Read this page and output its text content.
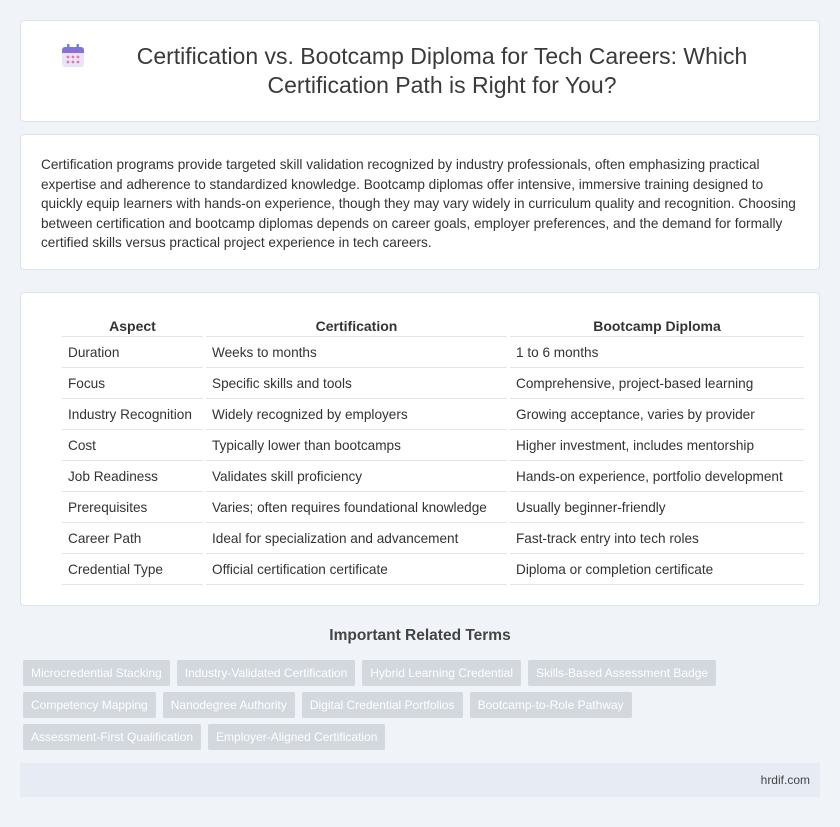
Certification vs. Bootcamp Diploma for Tech Careers: Which Certification Path is Right for You?

Certification programs provide targeted skill validation recognized by industry professionals, often emphasizing practical expertise and adherence to standardized knowledge. Bootcamp diplomas offer intensive, immersive training designed to quickly equip learners with hands-on experience, though they may vary widely in curriculum quality and recognition. Choosing between certification and bootcamp diplomas depends on career goals, employer preferences, and the demand for formally certified skills versus practical project experience in tech careers.

Aspect	Certification	Bootcamp Diploma
Duration	Weeks to months	1 to 6 months
Focus	Specific skills and tools	Comprehensive, project-based learning
Industry Recognition	Widely recognized by employers	Growing acceptance, varies by provider
Cost	Typically lower than bootcamps	Higher investment, includes mentorship
Job Readiness	Validates skill proficiency	Hands-on experience, portfolio development
Prerequisites	Varies; often requires foundational knowledge	Usually beginner-friendly
Career Path	Ideal for specialization and advancement	Fast-track entry into tech roles
Credential Type	Official certification certificate	Diploma or completion certificate
Important Related Terms
Microcredential Stacking	Industry-Validated Certification	Hybrid Learning Credential	Skills-Based Assessment Badge
Competency Mapping	Nanodegree Authority	Digital Credential Portfolios	Bootcamp-to-Role Pathway
Assessment-First Qualification	Employer-Aligned Certification
hrdif.com
